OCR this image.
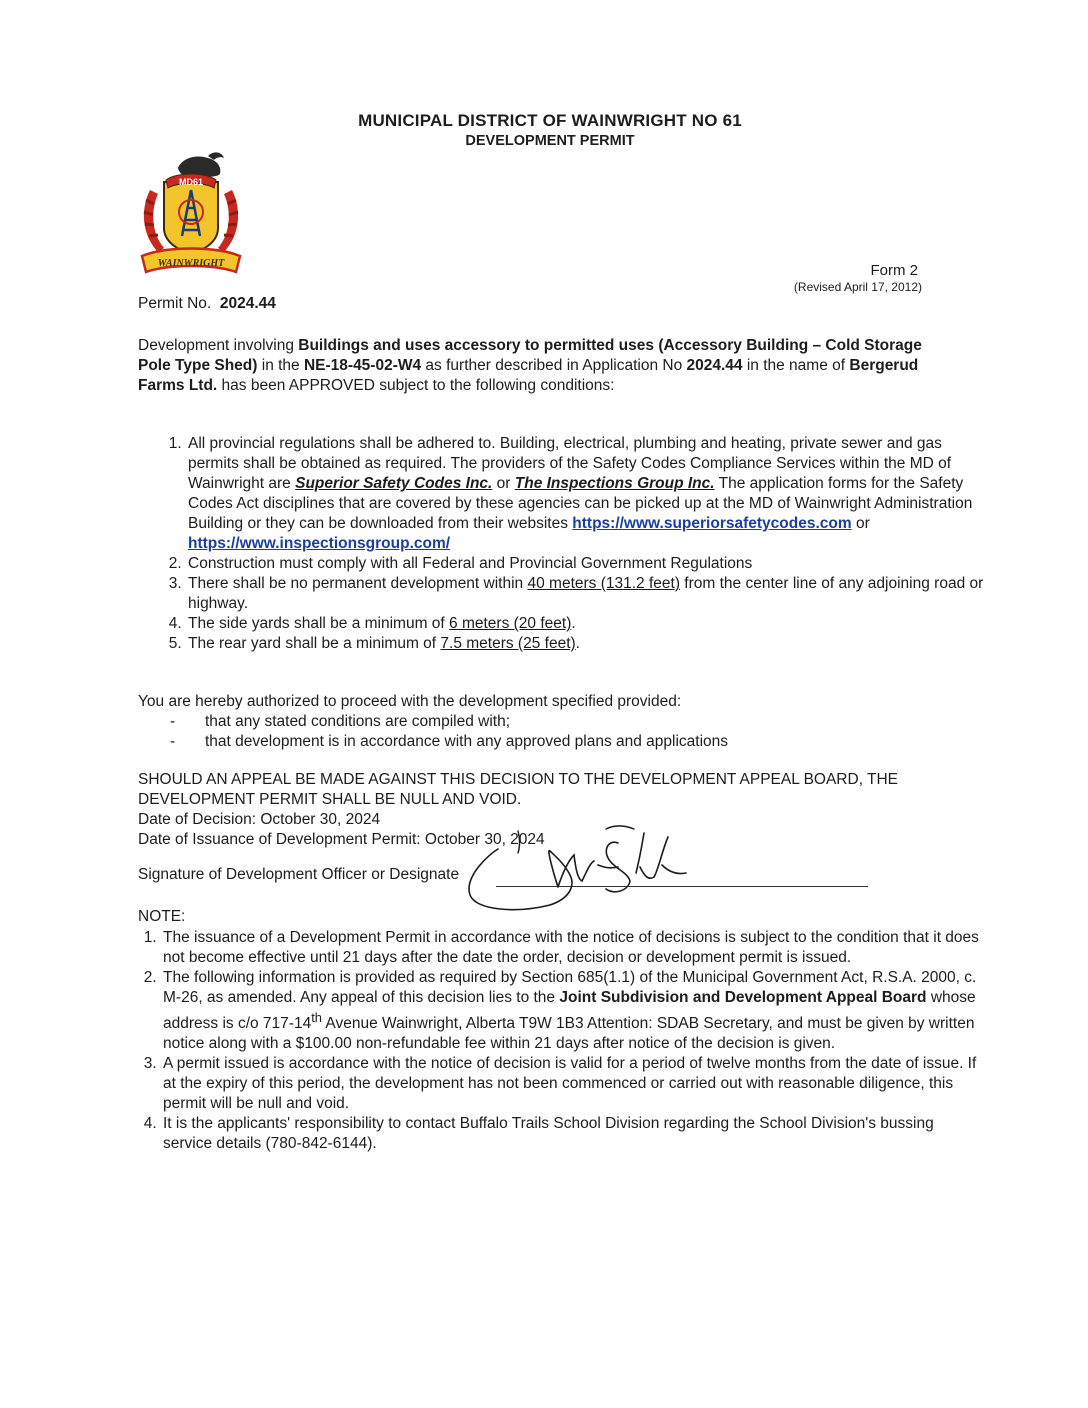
MUNICIPAL DISTRICT OF WAINWRIGHT NO 61
DEVELOPMENT PERMIT
MD61
WAINWRIGHT	Form 2
(Revised April 17, 2012)
Permit No. 2024.44
Development involving Buildings and uses accessory to permitted uses (Accessory Building – Cold Storage Pole Type Shed) in the NE-18-45-02-W4 as further described in Application No 2024.44 in the name of Bergerud Farms Ltd. has been APPROVED subject to the following conditions:
1. All provincial regulations shall be adhered to. Building, electrical, plumbing and heating, private sewer and gas permits shall be obtained as required. The providers of the Safety Codes Compliance Services within the MD of Wainwright are Superior Safety Codes Inc. or The Inspections Group Inc. The application forms for the Safety Codes Act disciplines that are covered by these agencies can be picked up at the MD of Wainwright Administration Building or they can be downloaded from their websites https://www.superiorsafetycodes.com or https://www.inspectionsgroup.com/
2. Construction must comply with all Federal and Provincial Government Regulations
3. There shall be no permanent development within 40 meters (131.2 feet) from the center line of any adjoining road or highway.
4. The side yards shall be a minimum of 6 meters (20 feet).
5. The rear yard shall be a minimum of 7.5 meters (25 feet).
You are hereby authorized to proceed with the development specified provided:
-	that any stated conditions are compiled with;
-	that development is in accordance with any approved plans and applications
SHOULD AN APPEAL BE MADE AGAINST THIS DECISION TO THE DEVELOPMENT APPEAL BOARD, THE DEVELOPMENT PERMIT SHALL BE NULL AND VOID.
Date of Decision: October 30, 2024
Date of Issuance of Development Permit: October 30, 2024
Signature of Development Officer or Designate
NOTE:
1. The issuance of a Development Permit in accordance with the notice of decisions is subject to the condition that it does not become effective until 21 days after the date the order, decision or development permit is issued.
2. The following information is provided as required by Section 685(1.1) of the Municipal Government Act, R.S.A. 2000, c. M-26, as amended. Any appeal of this decision lies to the Joint Subdivision and Development Appeal Board whose address is c/o 717-14th Avenue Wainwright, Alberta T9W 1B3 Attention: SDAB Secretary, and must be given by written notice along with a $100.00 non-refundable fee within 21 days after notice of the decision is given.
3. A permit issued is accordance with the notice of decision is valid for a period of twelve months from the date of issue. If at the expiry of this period, the development has not been commenced or carried out with reasonable diligence, this permit will be null and void.
4. It is the applicants' responsibility to contact Buffalo Trails School Division regarding the School Division's bussing service details (780-842-6144).
